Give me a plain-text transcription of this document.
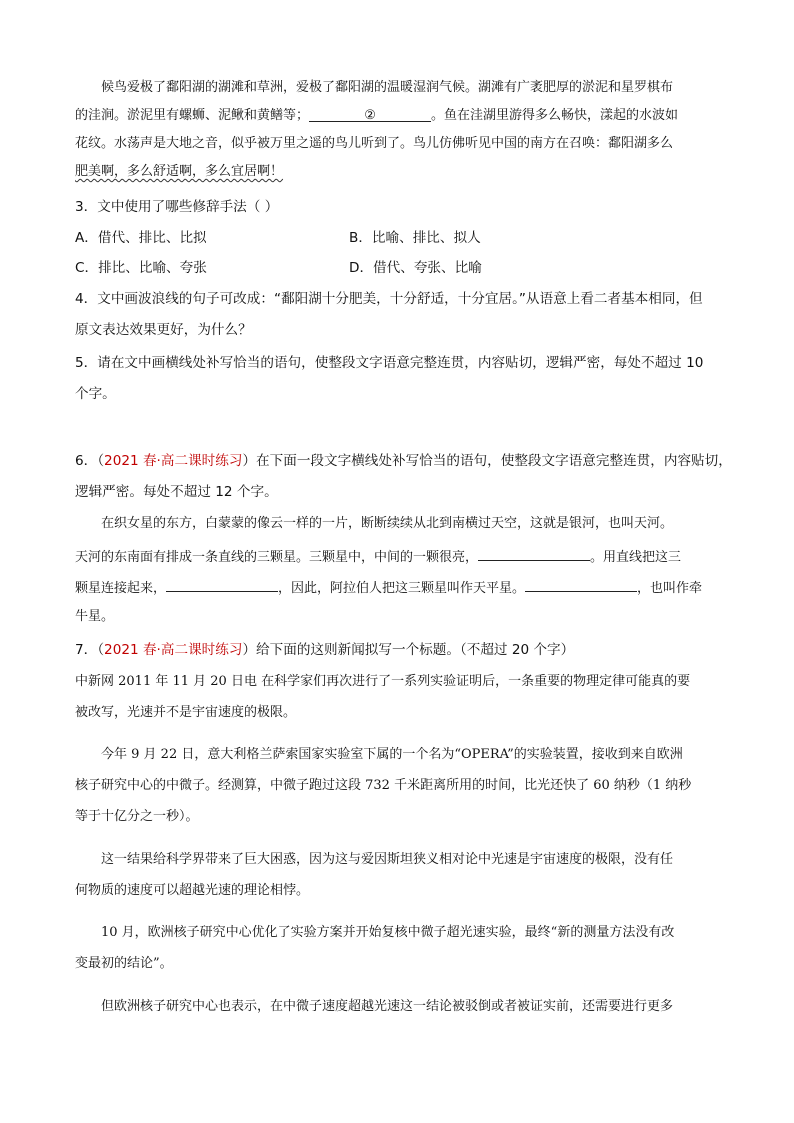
候鸟爱极了鄱阳湖的湖滩和草洲，爱极了鄱阳湖的温暖湿润气候。湖滩有广袤肥厚的淤泥和星罗棋布
的洼涧。淤泥里有螺蛳、泥鳅和黄鳝等；	②	。鱼在洼湖里游得多么畅快，漾起的水波如
花纹。水荡声是大地之音，似乎被万里之遥的鸟儿听到了。鸟儿仿佛听见中国的南方在召唤：鄱阳湖多么
肥美啊，多么舒适啊，多么宜居啊！
3．文中使用了哪些修辞手法（ ）
A．借代、排比、比拟	B．比喻、排比、拟人
C．排比、比喻、夸张	D．借代、夸张、比喻
4．文中画波浪线的句子可改成：“鄱阳湖十分肥美，十分舒适，十分宜居。”从语意上看二者基本相同，但
原文表达效果更好，为什么？
5．请在文中画横线处补写恰当的语句，使整段文字语意完整连贯，内容贴切，逻辑严密，每处不超过 10
个字。
6．（2021 春·高二课时练习）在下面一段文字横线处补写恰当的语句，使整段文字语意完整连贯，内容贴切，
逻辑严密。每处不超过 12 个字。
在织女星的东方，白蒙蒙的像云一样的一片，断断续续从北到南横过天空，这就是银河，也叫天河。
天河的东南面有排成一条直线的三颗星。三颗星中，中间的一颗很亮，	。用直线把这三
颗星连接起来，	，因此，阿拉伯人把这三颗星叫作天平星。	，也叫作牵
牛星。
7．（2021 春·高二课时练习）给下面的这则新闻拟写一个标题。（不超过 20 个字）
中新网 2011 年 11 月 20 日电 在科学家们再次进行了一系列实验证明后，一条重要的物理定律可能真的要
被改写，光速并不是宇宙速度的极限。
今年 9 月 22 日，意大利格兰萨索国家实验室下属的一个名为“OPERA”的实验装置，接收到来自欧洲
核子研究中心的中微子。经测算，中微子跑过这段 732 千米距离所用的时间，比光还快了 60 纳秒（1 纳秒
等于十亿分之一秒）。
这一结果给科学界带来了巨大困惑，因为这与爱因斯坦狭义相对论中光速是宇宙速度的极限，没有任
何物质的速度可以超越光速的理论相悖。
10 月，欧洲核子研究中心优化了实验方案并开始复核中微子超光速实验，最终“新的测量方法没有改
变最初的结论”。
但欧洲核子研究中心也表示，在中微子速度超越光速这一结论被驳倒或者被证实前，还需要进行更多
